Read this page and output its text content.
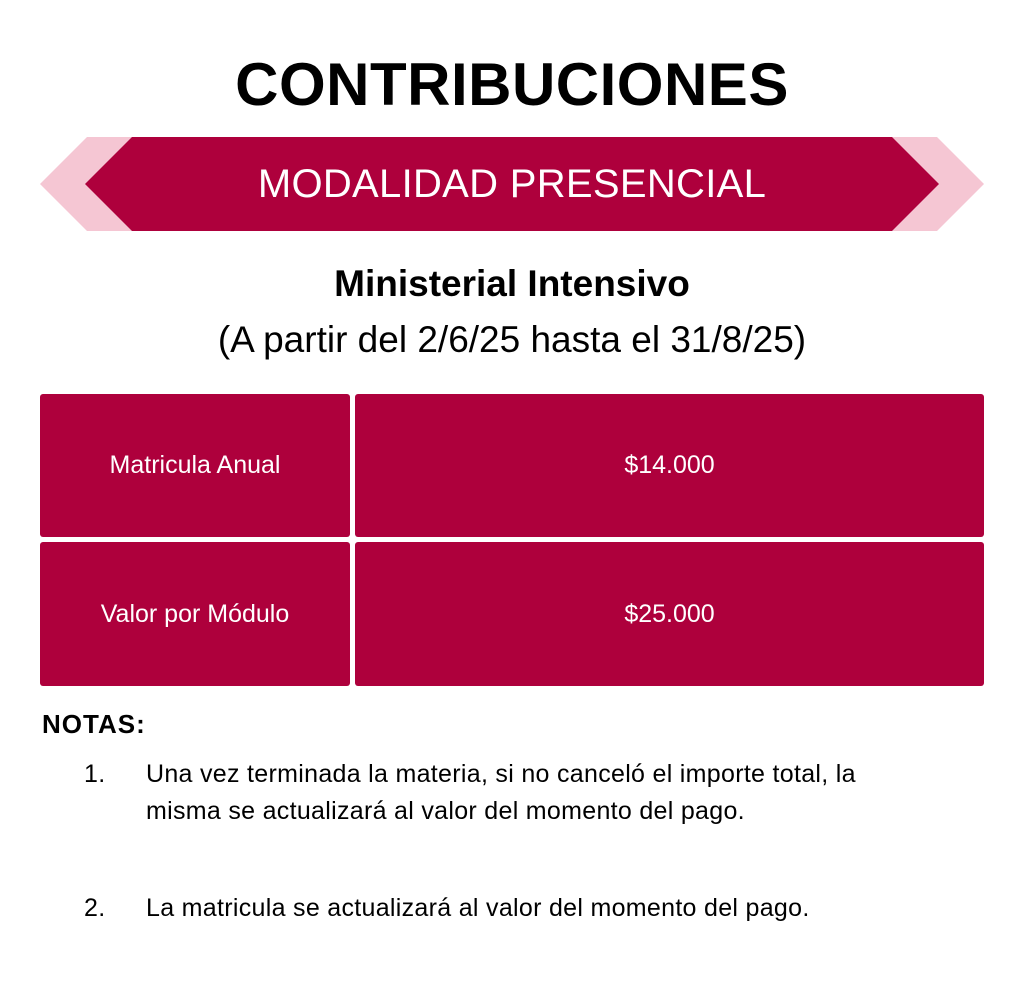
CONTRIBUCIONES
MODALIDAD PRESENCIAL
Ministerial Intensivo
(A partir del 2/6/25 hasta el 31/8/25)
Matricula Anual	$14.000
Valor por Módulo	$25.000
NOTAS:
1. Una vez terminada la materia, si no canceló el importe total, la misma se actualizará al valor del momento del pago.
2. La matricula se actualizará al valor del momento del pago.
